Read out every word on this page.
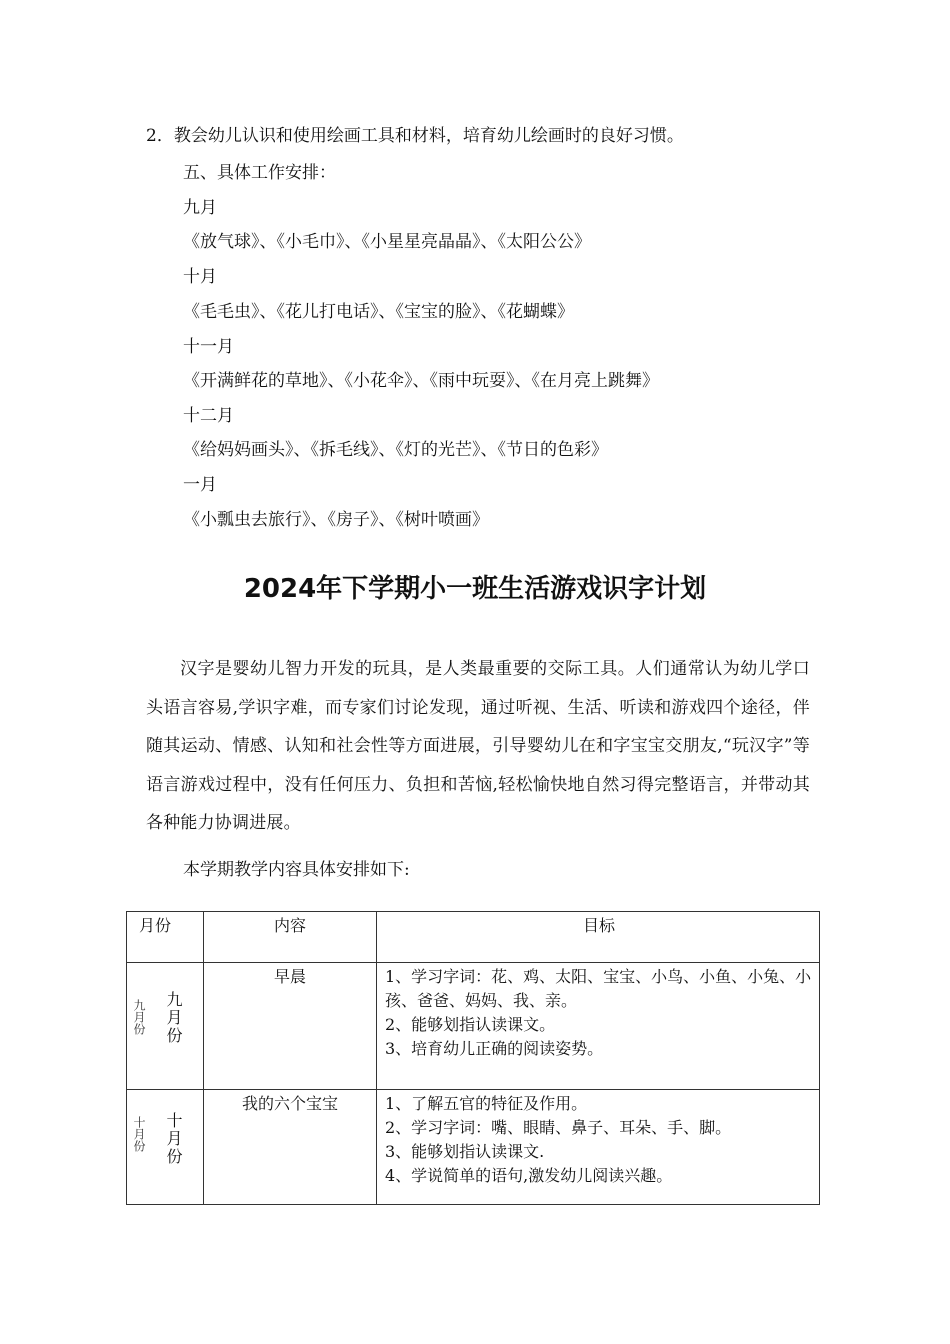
2．教会幼儿认识和使用绘画工具和材料，培育幼儿绘画时的良好习惯。
五、具体工作安排：
九月
《放气球》、《小毛巾》、《小星星亮晶晶》、《太阳公公》
十月
《毛毛虫》、《花儿打电话》、《宝宝的脸》、《花蝴蝶》
十一月
《开满鲜花的草地》、《小花伞》、《雨中玩耍》、《在月亮上跳舞》
十二月
《给妈妈画头》、《拆毛线》、《灯的光芒》、《节日的色彩》
一月
《小瓢虫去旅行》、《房子》、《树叶喷画》
2024年下学期小一班生活游戏识字计划
汉字是婴幼儿智力开发的玩具，是人类最重要的交际工具。人们通常认为幼儿学口头语言容易,学识字难，而专家们讨论发现，通过听视、生活、听读和游戏四个途径，伴随其运动、情感、认知和社会性等方面进展，引导婴幼儿在和字宝宝交朋友,“玩汉字”等语言游戏过程中，没有任何压力、负担和苦恼,轻松愉快地自然习得完整语言，并带动其各种能力协调进展。
本学期教学内容具体安排如下:
月份	内容	目标

九月份 九月份	早晨	1、学习字词：花、鸡、太阳、宝宝、小鸟、小鱼、小兔、小孩、爸爸、妈妈、我、亲。
2、能够划指认读课文。
3、培育幼儿正确的阅读姿势。

十月份 十月份	我的六个宝宝	1、了解五官的特征及作用。
2、学习字词：嘴、眼睛、鼻子、耳朵、手、脚。
3、能够划指认读课文.
4、学说简单的语句,激发幼儿阅读兴趣。
